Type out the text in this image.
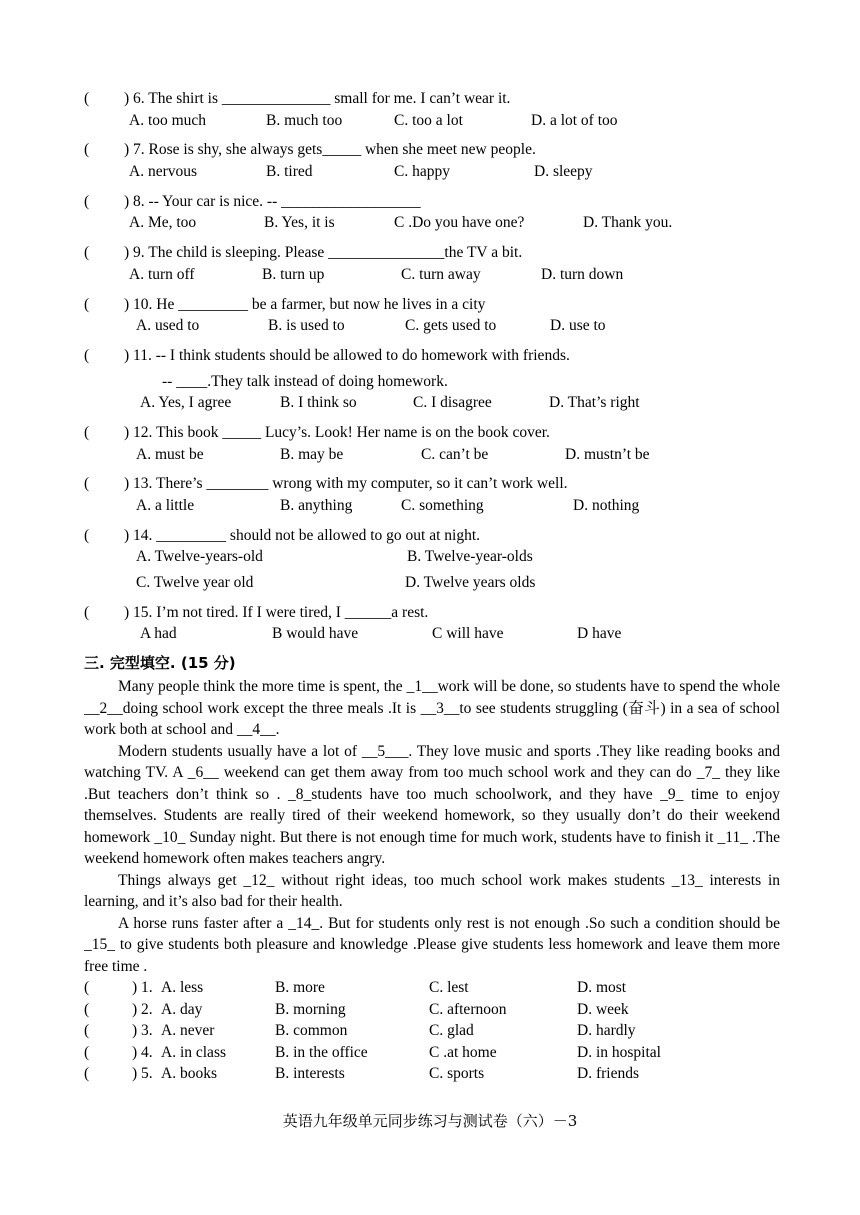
(	) 6. The shirt is ______________ small for me. I can’t wear it.
A. too much	B. much too	C. too a lot	D. a lot of too
(	) 7. Rose is shy, she always gets_____ when she meet new people.
A. nervous	B. tired	C. happy	D. sleepy
(	) 8. -- Your car is nice. -- __________________
A. Me, too	B. Yes, it is	C .Do you have one?	D. Thank you.
(	) 9. The child is sleeping. Please _______________the TV a bit.
A. turn off	B. turn up	C. turn away	D. turn down
(	) 10. He _________ be a farmer, but now he lives in a city
A. used to	B. is used to	C. gets used to	D. use to
(	) 11. -- I think students should be allowed to do homework with friends.
-- ____.They talk instead of doing homework.
A. Yes, I agree	B. I think so	C. I disagree	D. That’s right
(	) 12. This book _____ Lucy’s. Look! Her name is on the book cover.
A. must be	B. may be	C. can’t be	D. mustn’t be
(	) 13. There’s ________ wrong with my computer, so it can’t work well.
A. a little	B. anything	C. something	D. nothing
(	) 14. _________ should not be allowed to go out at night.
A. Twelve-years-old	B. Twelve-year-olds
C. Twelve year old	D. Twelve years olds
(	) 15. I’m not tired. If I were tired, I ______a rest.
A had	B would have	C will have	D have
三. 完型填空. (15 分)

Many people think the more time is spent, the _1__work will be done, so students have to spend the whole __2__doing school work except the three meals .It is __3__to see students struggling (奋斗) in a sea of school work both at school and __4__.

Modern students usually have a lot of __5___. They love music and sports .They like reading books and watching TV. A _6__ weekend can get them away from too much school work and they can do _7_ they like .But teachers don’t think so . _8_students have too much schoolwork, and they have _9_ time to enjoy themselves. Students are really tired of their weekend homework, so they usually don’t do their weekend homework _10_ Sunday night. But there is not enough time for much work, students have to finish it _11_ .The weekend homework often makes teachers angry.

Things always get _12_ without right ideas, too much school work makes students _13_ interests in learning, and it’s also bad for their health.

A horse runs faster after a _14_. But for students only rest is not enough .So such a condition should be _15_ to give students both pleasure and knowledge .Please give students less homework and leave them more free time .

(	) 1. A. less	B. more	C. lest	D. most
(	) 2. A. day	B. morning	C. afternoon	D. week
(	) 3. A. never	B. common	C. glad	D. hardly
(	) 4. A. in class	B. in the office	C .at home	D. in hospital
(	) 5. A. books	B. interests	C. sports	D. friends
英语九年级单元同步练习与测试卷（六）－3
